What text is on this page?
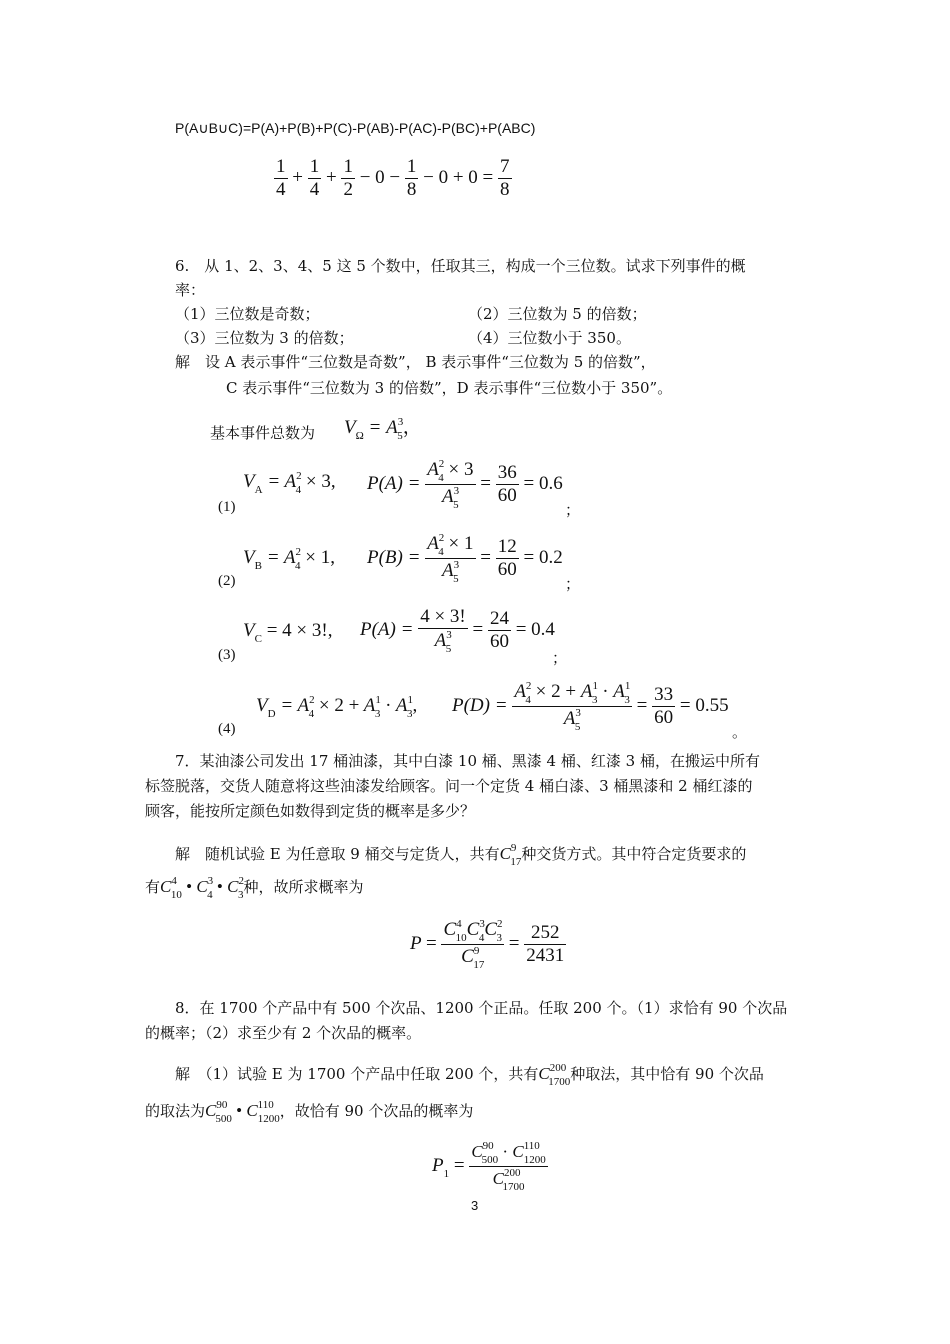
P(A∪B∪C)=P(A)+P(B)+P(C)-P(AB)-P(AC)-P(BC)+P(ABC)
$\frac{1}{4} + \frac{1}{4} + \frac{1}{2} - 0 - \frac{1}{8} - 0 + 0 = \frac{7}{8}$
6.　从 1、2、3、4、5 这 5 个数中，任取其三，构成一个三位数。试求下列事件的概
率：
（1）三位数是奇数；	（2）三位数为 5 的倍数；
（3）三位数为 3 的倍数；	（4）三位数小于 350。
解　设 A 表示事件“三位数是奇数”， B 表示事件“三位数为 5 的倍数”，
C 表示事件“三位数为 3 的倍数”，D 表示事件“三位数小于 350”。
基本事件总数为 $V_\Omega = A^3_5$，
$V_A = A^2_4 \times 3$, $P(A) = \frac{A^2_4 \times 3}{A^3_5} = \frac{36}{60} = 0.6$
(1)	；
$V_B = A^2_4 \times 1$, $P(B) = \frac{A^2_4 \times 1}{A^3_5} = \frac{12}{60} = 0.2$
(2)	；
$V_C = 4 \times 3$!, $P(A) = \frac{4 \times 3!}{A^3_5} = \frac{24}{60} = 0.4$
(3)	；
$V_D = A^2_4 \times 2 + A^1_3 \cdot A^1_3$, $P(D) = \frac{A^2_4 \times 2 + A^1_3 \cdot A^1_3}{A^3_5} = \frac{33}{60} = 0.55$
(4)	。
7．某油漆公司发出 17 桶油漆，其中白漆 10 桶、黑漆 4 桶、红漆 3 桶，在搬运中所有
标签脱落，交货人随意将这些油漆发给顾客。问一个定货 4 桶白漆、3 桶黑漆和 2 桶红漆的
顾客，能按所定颜色如数得到定货的概率是多少？
解　随机试验 E 为任意取 9 桶交与定货人，共有$C^9_{17}$种交货方式。其中符合定货要求的
有$C^4_{10}$ • $C^3_4$ • $C^2_3$种，故所求概率为
$P = \frac{C^4_{10}C^3_4C^2_3}{C^9_{17}} = \frac{252}{2431}$
8．在 1700 个产品中有 500 个次品、1200 个正品。任取 200 个。（1）求恰有 90 个次品
的概率；（2）求至少有 2 个次品的概率。
解　（1）试验 E 为 1700 个产品中任取 200 个，共有$C^{200}_{1700}$种取法，其中恰有 90 个次品
的取法为$C^{90}_{500}$ • $C^{110}_{1200}$，故恰有 90 个次品的概率为
$P_1 = \frac{C^{90}_{500} \cdot C^{110}_{1200}}{C^{200}_{1700}}$
3
